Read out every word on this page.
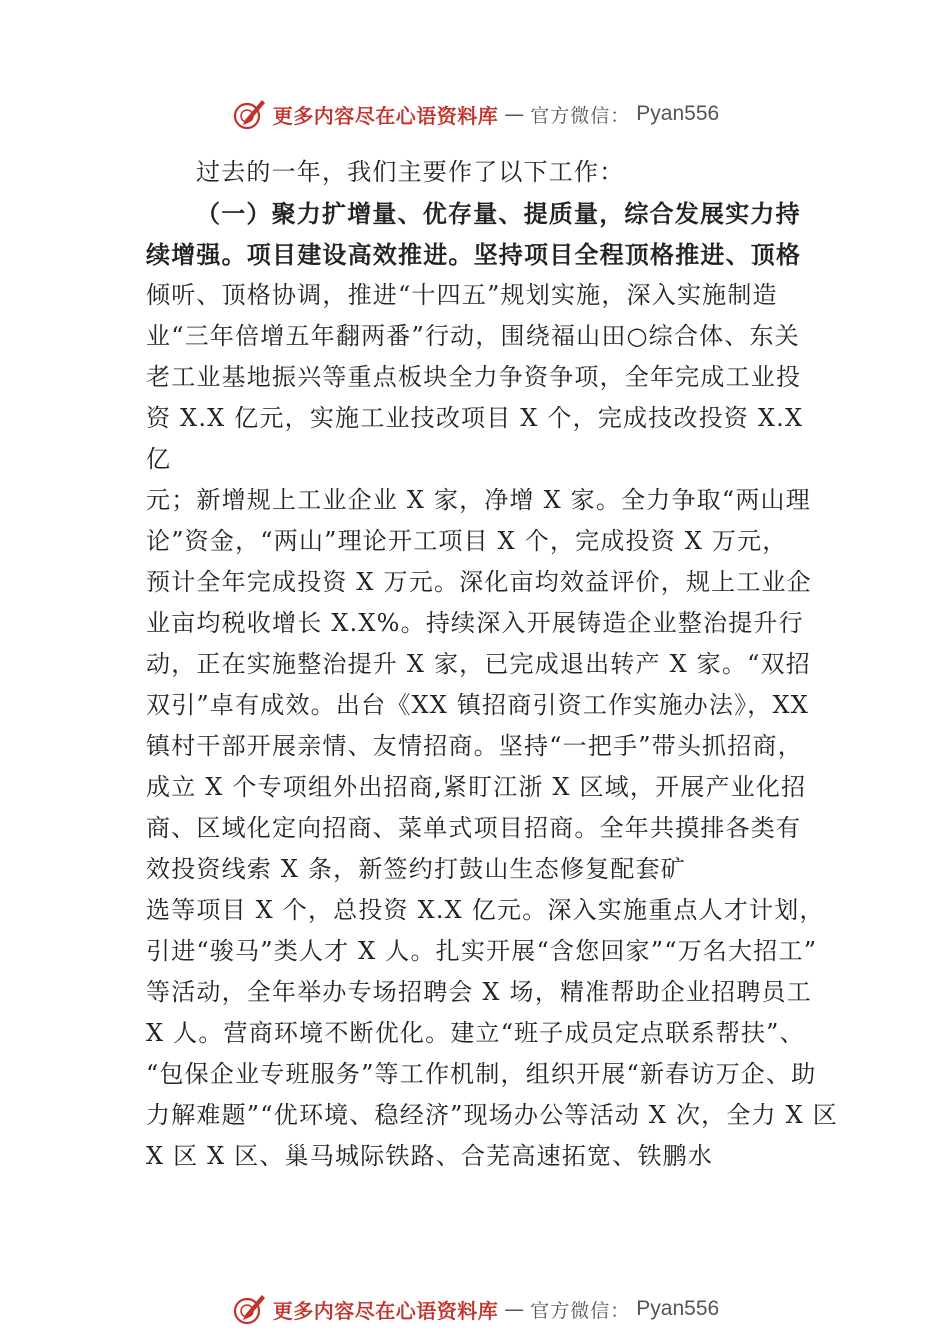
更多内容尽在心语资料库 — 官方微信： Pyan556
过去的一年，我们主要作了以下工作：
（一）聚力扩增量、优存量、提质量，综合发展实力持
续增强。项目建设高效推进。坚持项目全程顶格推进、顶格
倾听、顶格协调，推进“十四五”规划实施，深入实施制造
业“三年倍增五年翻两番”行动，围绕福山田○综合体、东关
老工业基地振兴等重点板块全力争资争项，全年完成工业投
资 X.X 亿元，实施工业技改项目 X 个，完成技改投资 X.X
亿
元；新增规上工业企业 X 家，净增 X 家。全力争取“两山理
论”资金，“两山”理论开工项目 X 个，完成投资 X 万元，
预计全年完成投资 X 万元。深化亩均效益评价，规上工业企
业亩均税收增长 X.X%。持续深入开展铸造企业整治提升行
动，正在实施整治提升 X 家，已完成退出转产 X 家。“双招
双引”卓有成效。出台《XX 镇招商引资工作实施办法》，XX
镇村干部开展亲情、友情招商。坚持“一把手”带头抓招商，
成立 X 个专项组外出招商,紧盯江浙 X 区域，开展产业化招
商、区域化定向招商、菜单式项目招商。全年共摸排各类有
效投资线索 X 条，新签约打鼓山生态修复配套矿
选等项目 X 个，总投资 X.X 亿元。深入实施重点人才计划，
引进“骏马”类人才 X 人。扎实开展“含您回家”“万名大招工”
等活动，全年举办专场招聘会 X 场，精准帮助企业招聘员工
X 人。营商环境不断优化。建立“班子成员定点联系帮扶”、
“包保企业专班服务”等工作机制，组织开展“新春访万企、助
力解难题”“优环境、稳经济”现场办公等活动 X 次，全力 X 区
X 区 X 区、巢马城际铁路、合芜高速拓宽、铁鹏水
更多内容尽在心语资料库 — 官方微信： Pyan556
